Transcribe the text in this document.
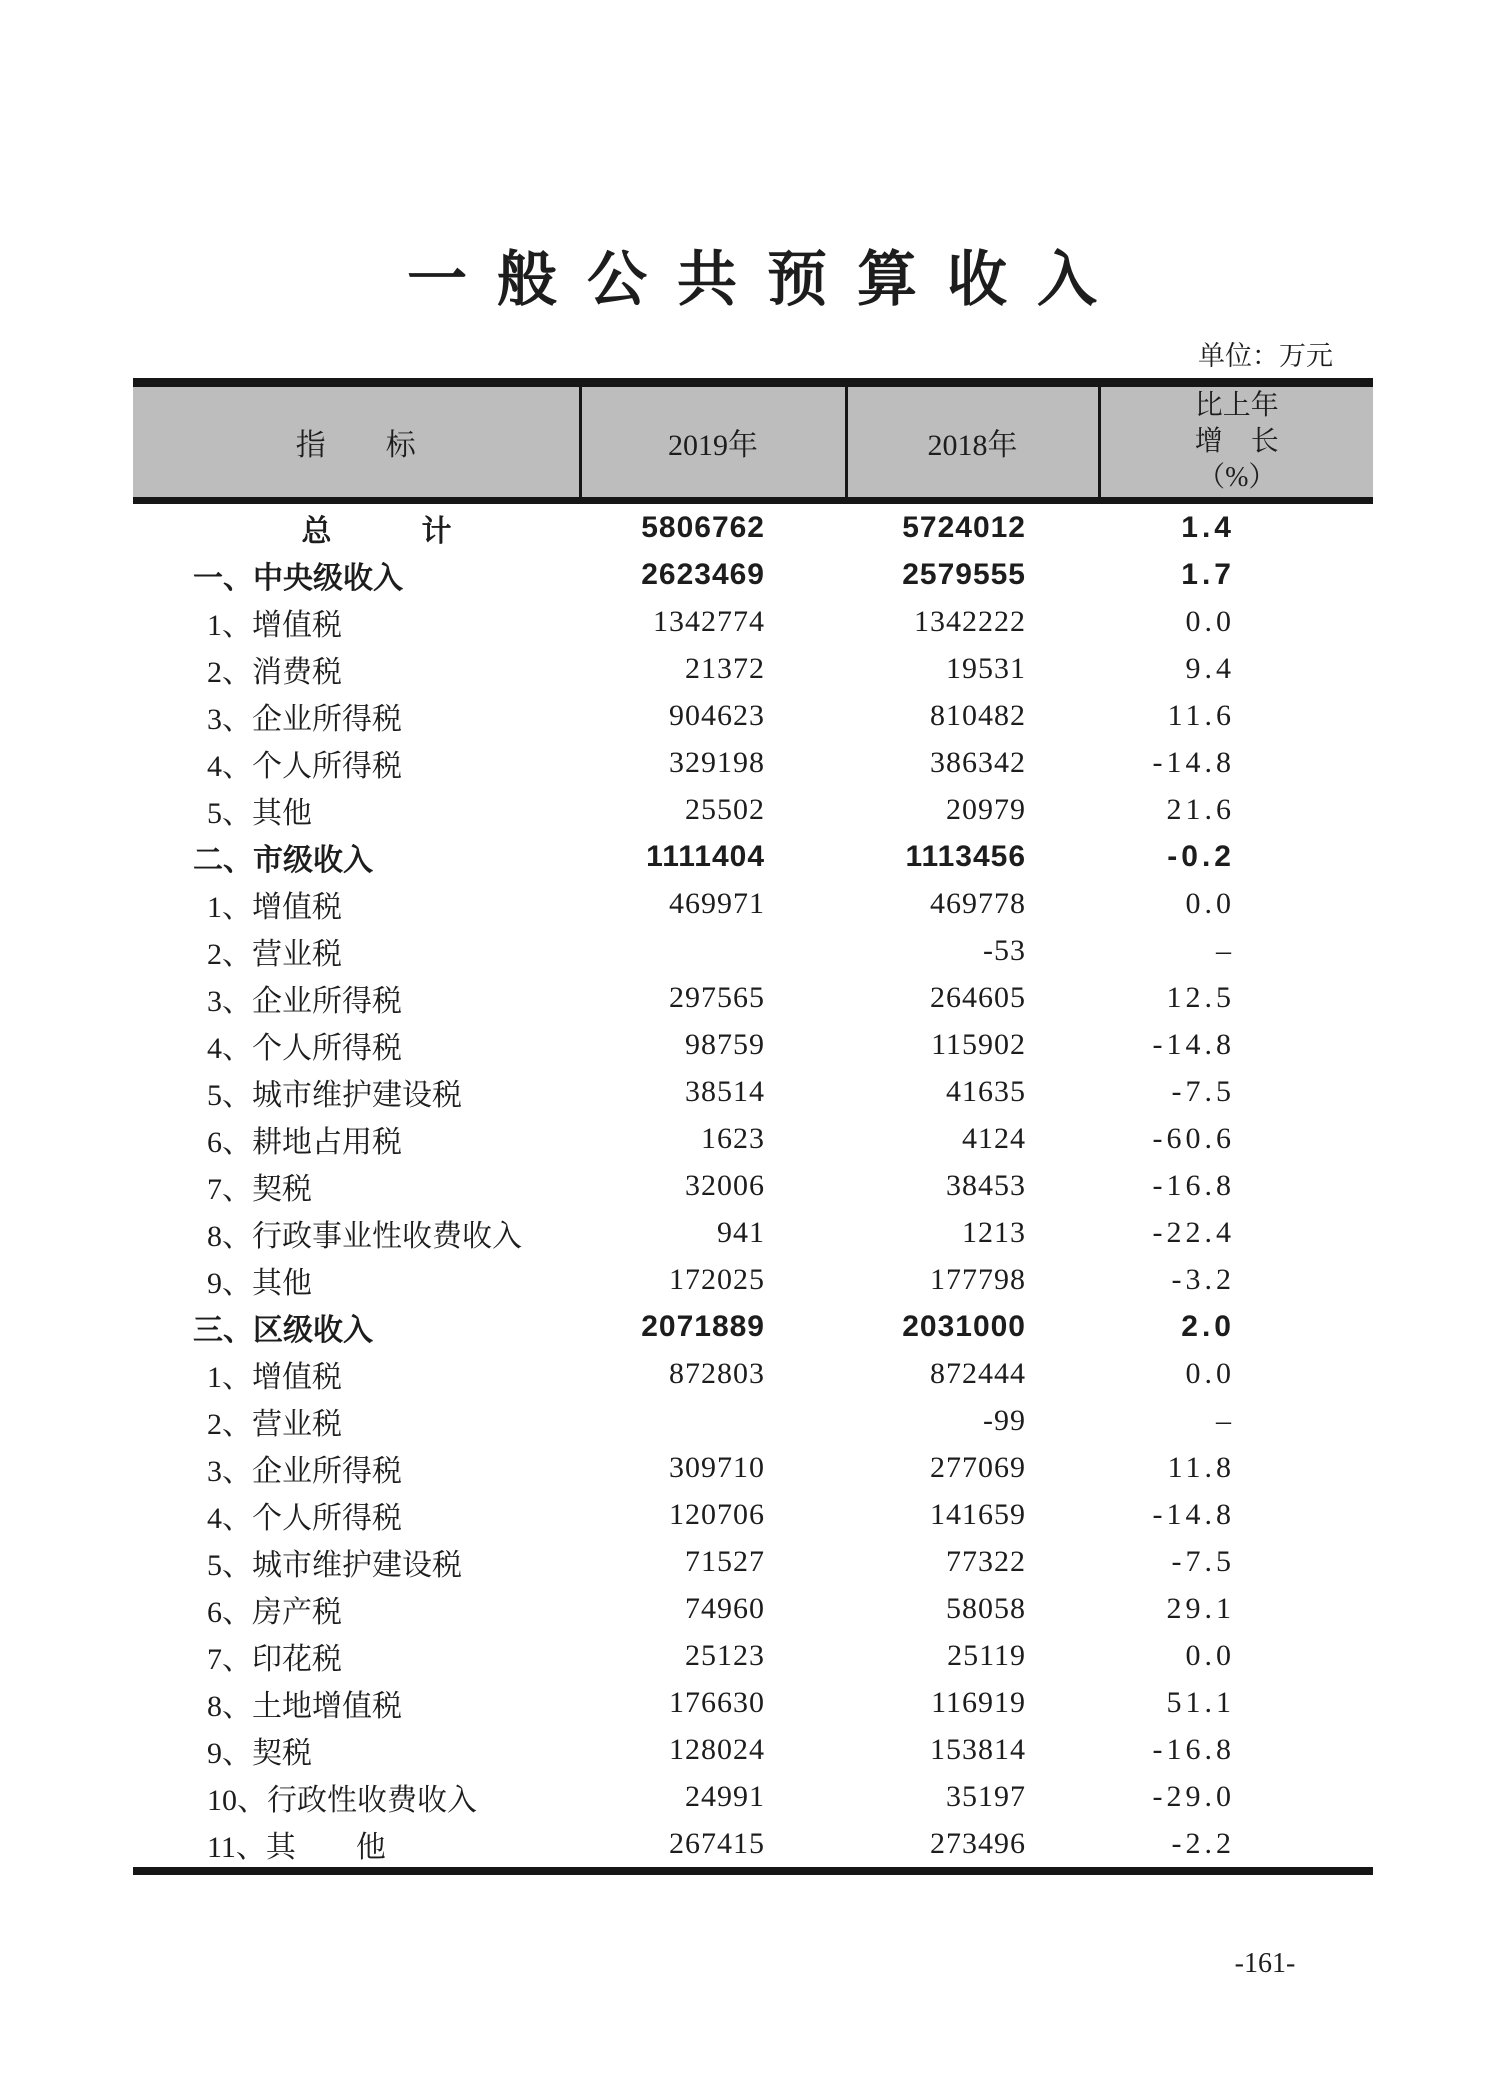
一般公共预算收入
单位：万元
指　　标	2019年	2018年	比上年
增　长
（%）

总　　　计	5806762	5724012	1.4
一、中央级收入	2623469	2579555	1.7
1、增值税	1342774	1342222	0.0
2、消费税	21372	19531	9.4
3、企业所得税	904623	810482	11.6
4、个人所得税	329198	386342	-14.8
5、其他	25502	20979	21.6
二、市级收入	1111404	1113456	-0.2
1、增值税	469971	469778	0.0
2、营业税		-53	–
3、企业所得税	297565	264605	12.5
4、个人所得税	98759	115902	-14.8
5、城市维护建设税	38514	41635	-7.5
6、耕地占用税	1623	4124	-60.6
7、契税	32006	38453	-16.8
8、行政事业性收费收入	941	1213	-22.4
9、其他	172025	177798	-3.2
三、区级收入	2071889	2031000	2.0
1、增值税	872803	872444	0.0
2、营业税		-99	–
3、企业所得税	309710	277069	11.8
4、个人所得税	120706	141659	-14.8
5、城市维护建设税	71527	77322	-7.5
6、房产税	74960	58058	29.1
7、印花税	25123	25119	0.0
8、土地增值税	176630	116919	51.1
9、契税	128024	153814	-16.8
10、行政性收费收入	24991	35197	-29.0
11、其　　他	267415	273496	-2.2
-161-
